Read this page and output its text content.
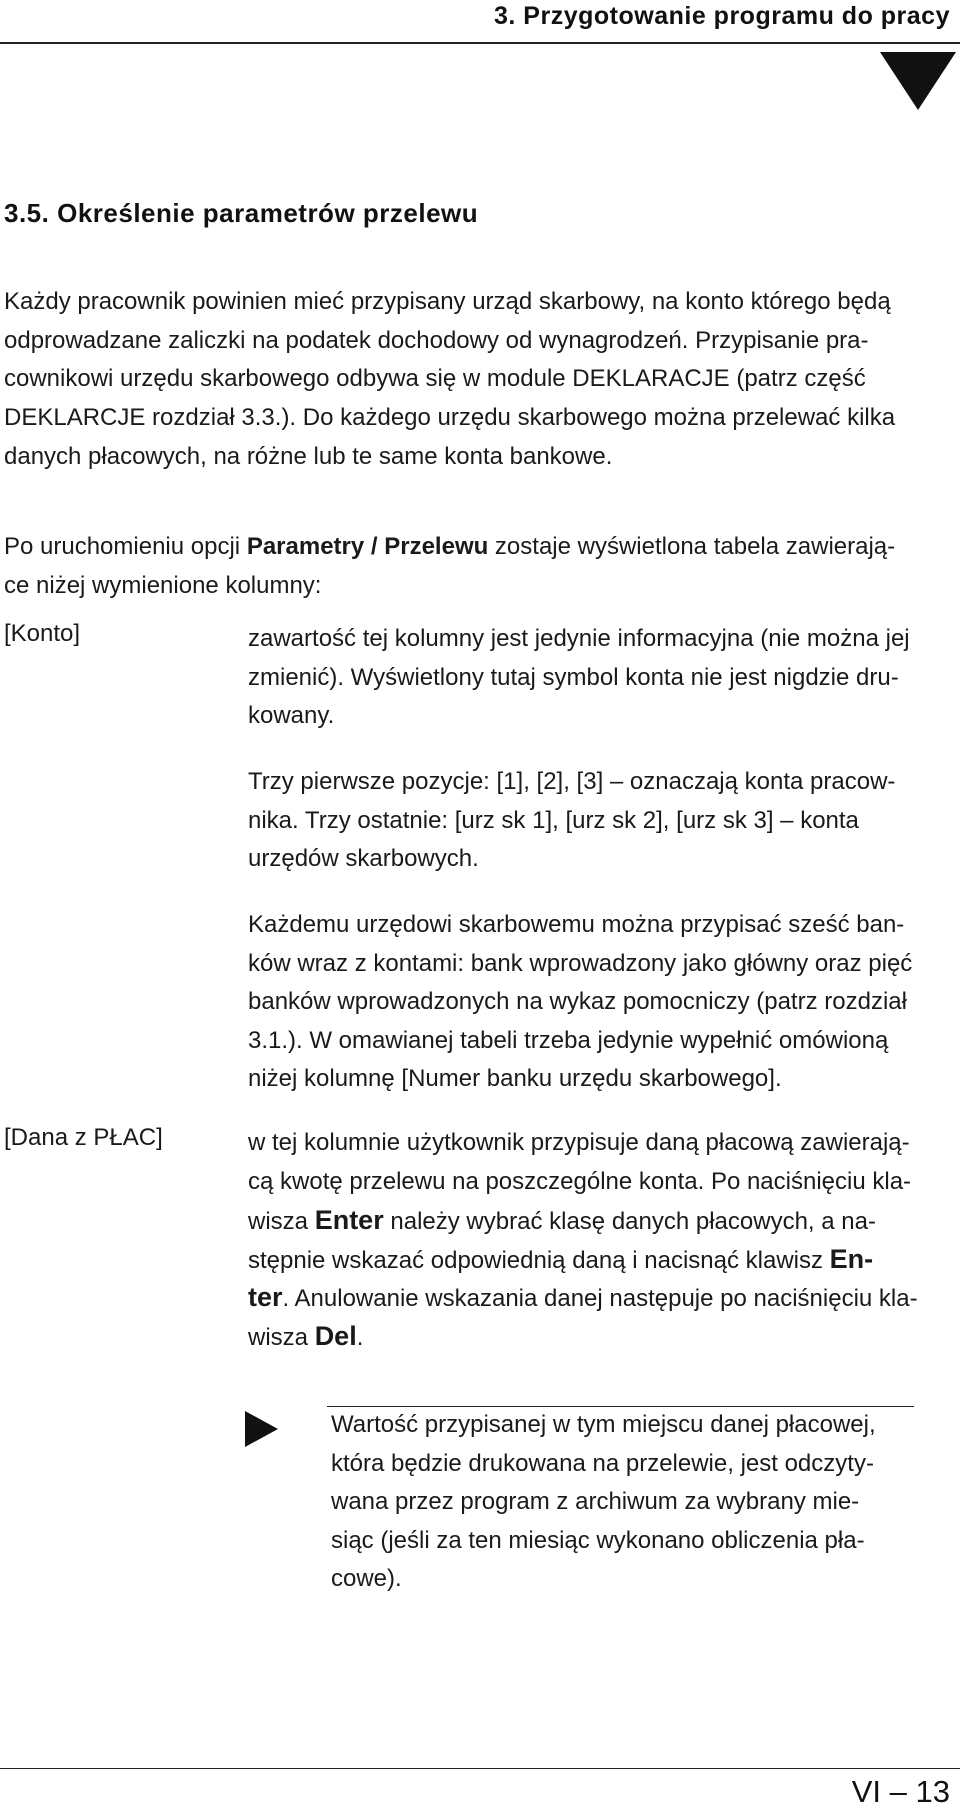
3. Przygotowanie programu do pracy
3.5. Określenie parametrów przelewu
Każdy pracownik powinien mieć przypisany urząd skarbowy, na konto którego będą
odprowadzane zaliczki na podatek dochodowy od wynagrodzeń. Przypisanie pra-
cownikowi urzędu skarbowego odbywa się w module DEKLARACJE (patrz część
DEKLARCJE rozdział 3.3.). Do każdego urzędu skarbowego można przelewać kilka
danych płacowych, na różne lub te same konta bankowe.
Po uruchomieniu opcji Parametry / Przelewu zostaje wyświetlona tabela zawierają-
ce niżej wymienione kolumny:
[Konto]	zawartość tej kolumny jest jedynie informacyjna (nie można jej
zmienić). Wyświetlony tutaj symbol konta nie jest nigdzie dru-
kowany.
Trzy pierwsze pozycje: [1], [2], [3] – oznaczają konta pracow-
nika. Trzy ostatnie: [urz sk 1], [urz sk 2], [urz sk 3] – konta
urzędów skarbowych.
Każdemu urzędowi skarbowemu można przypisać sześć ban-
ków wraz z kontami: bank wprowadzony jako główny oraz pięć
banków wprowadzonych na wykaz pomocniczy (patrz rozdział
3.1.). W omawianej tabeli trzeba jedynie wypełnić omówioną
niżej kolumnę [Numer banku urzędu skarbowego].
[Dana z PŁAC]	w tej kolumnie użytkownik przypisuje daną płacową zawierają-
cą kwotę przelewu na poszczególne konta. Po naciśnięciu kla-
wisza Enter należy wybrać klasę danych płacowych, a na-
stępnie wskazać odpowiednią daną i nacisnąć klawisz En-
ter. Anulowanie wskazania danej następuje po naciśnięciu kla-
wisza Del.
Wartość przypisanej w tym miejscu danej płacowej,
która będzie drukowana na przelewie, jest odczyty-
wana przez program z archiwum za wybrany mie-
siąc (jeśli za ten miesiąc wykonano obliczenia pła-
cowe).
VI – 13
